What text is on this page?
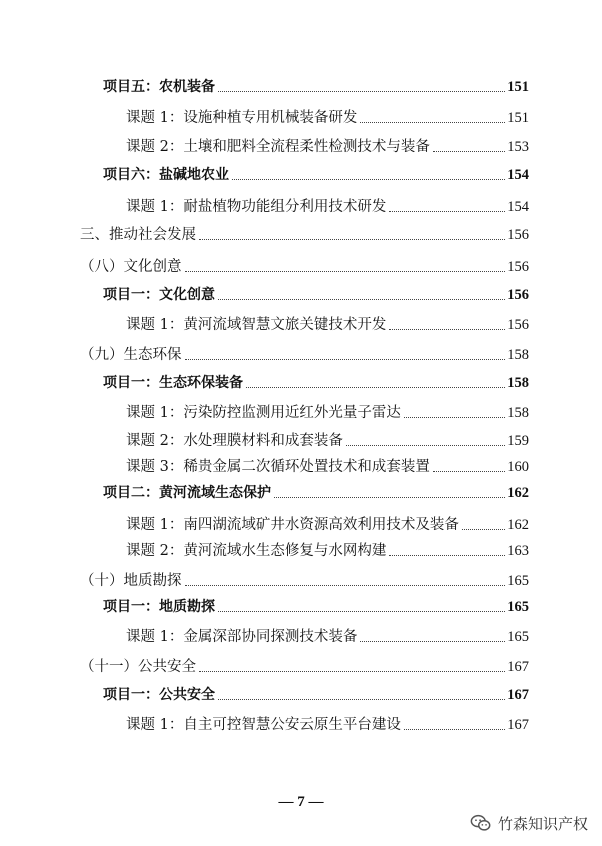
项目五：农机装备	151
课题 1：设施种植专用机械装备研发	151
课题 2：土壤和肥料全流程柔性检测技术与装备	153
项目六：盐碱地农业	154
课题 1：耐盐植物功能组分利用技术研发	154
三、推动社会发展	156
（八）文化创意	156
项目一：文化创意	156
课题 1：黄河流域智慧文旅关键技术开发	156
（九）生态环保	158
项目一：生态环保装备	158
课题 1：污染防控监测用近红外光量子雷达	158
课题 2：水处理膜材料和成套装备	159
课题 3：稀贵金属二次循环处置技术和成套装置	160
项目二：黄河流域生态保护	162
课题 1：南四湖流域矿井水资源高效利用技术及装备	162
课题 2：黄河流域水生态修复与水网构建	163
（十）地质勘探	165
项目一：地质勘探	165
课题 1：金属深部协同探测技术装备	165
（十一）公共安全	167
项目一：公共安全	167
课题 1：自主可控智慧公安云原生平台建设	167
— 7 —
竹森知识产权
